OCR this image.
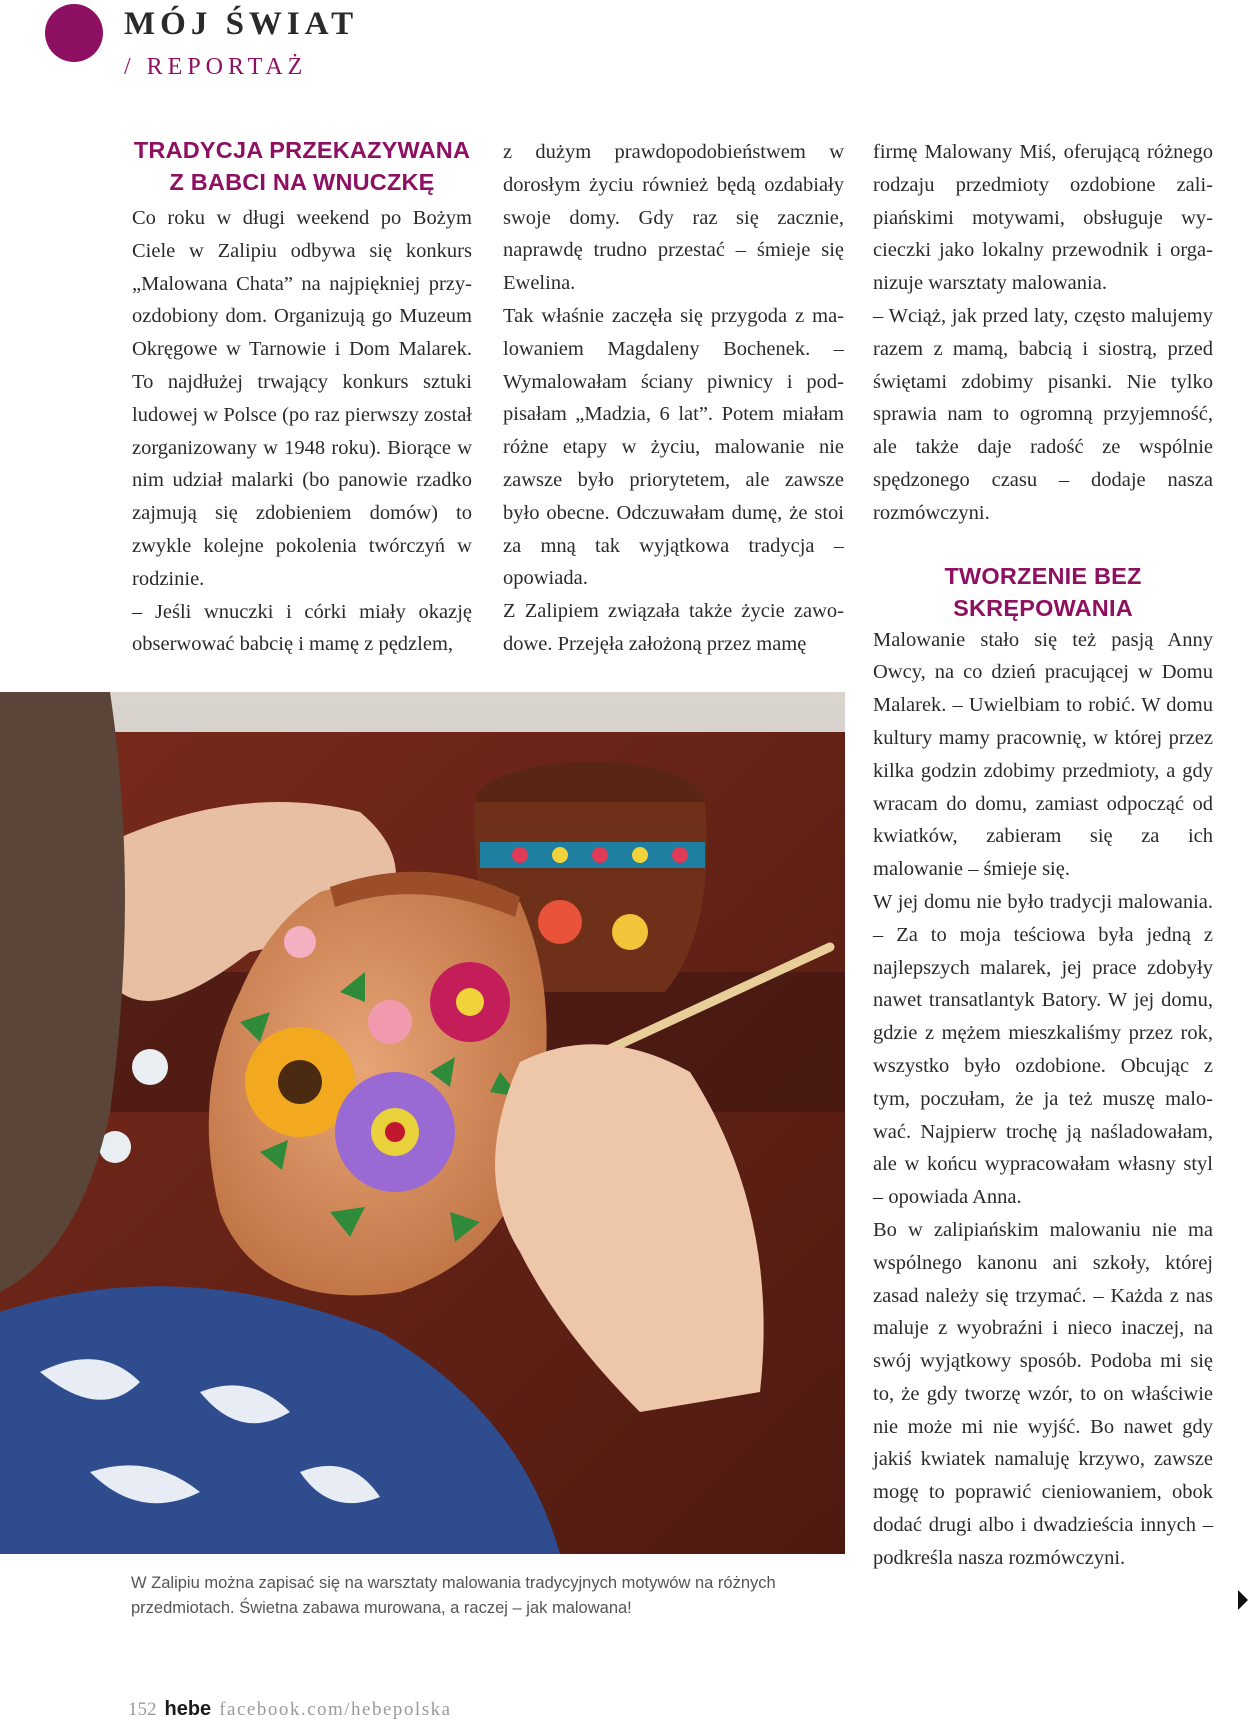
MÓJ ŚWIAT

/ REPORTAŻ

TRADYCJA PRZEKAZYWANA Z BABCI NA WNUCZKĘ

Co roku w długi weekend po Bożym Ciele w Zalipiu odbywa się konkurs „Malowana Chata” na najpiękniej przyozdobiony dom. Organizują go Muzeum Okręgowe w Tarnowie i Dom Malarek. To najdłużej trwający konkurs sztuki ludowej w Polsce (po raz pierwszy został zorganizowany w 1948 roku). Biorące w nim udział malarki (bo panowie rzadko zajmują się zdobieniem domów) to zwykle kolejne pokolenia twórczyń w rodzinie.

– Jeśli wnuczki i córki miały okazję obserwować babcię i mamę z pędzlem,

z dużym prawdopodobieństwem w dorosłym życiu również będą ozdabiały swoje domy. Gdy raz się zacznie, naprawdę trudno przestać – śmieje się Ewelina.

Tak właśnie zaczęła się przygoda z malowaniem Magdaleny Bochenek. – Wymalowałam ściany piwnicy i podpisałam „Madzia, 6 lat”. Potem miałam różne etapy w życiu, malowanie nie zawsze było priorytetem, ale zawsze było obecne. Odczuwałam dumę, że stoi za mną tak wyjątkowa tradycja – opowiada.

Z Zalipiem związała także życie zawodowe. Przejęła założoną przez mamę

firmę Malowany Miś, oferującą różnego rodzaju przedmioty ozdobione zalipiańskimi motywami, obsługuje wycieczki jako lokalny przewodnik i organizuje warsztaty malowania.

– Wciąż, jak przed laty, często malujemy razem z mamą, babcią i siostrą, przed świętami zdobimy pisanki. Nie tylko sprawia nam to ogromną przyjemność, ale także daje radość ze wspólnie spędzonego czasu – dodaje nasza rozmówczyni.

TWORZENIE BEZ SKRĘPOWANIA

Malowanie stało się też pasją Anny Owcy, na co dzień pracującej w Domu Malarek. – Uwielbiam to robić. W domu kultury mamy pracownię, w której przez kilka godzin zdobimy przedmioty, a gdy wracam do domu, zamiast odpocząć od kwiatków, zabieram się za ich malowanie – śmieje się.

W jej domu nie było tradycji malowania. – Za to moja teściowa była jedną z najlepszych malarek, jej prace zdobyły nawet transatlantyk Batory. W jej domu, gdzie z mężem mieszkaliśmy przez rok, wszystko było ozdobione. Obcując z tym, poczułam, że ja też muszę malować. Najpierw trochę ją naśladowałam, ale w końcu wypracowałam własny styl – opowiada Anna.

Bo w zalipiańskim malowaniu nie ma wspólnego kanonu ani szkoły, której zasad należy się trzymać. – Każda z nas maluje z wyobraźni i nieco inaczej, na swój wyjątkowy sposób. Podoba mi się to, że gdy tworzę wzór, to on właściwie nie może mi nie wyjść. Bo nawet gdy jakiś kwiatek namaluję krzywo, zawsze mogę to poprawić cieniowaniem, obok dodać drugi albo i dwadzieścia innych – podkreśla nasza rozmówczyni.

W Zalipiu można zapisać się na warsztaty malowania tradycyjnych motywów na różnych przedmiotach. Świetna zabawa murowana, a raczej – jak malowana!

152 hebe facebook.com/hebepolska
